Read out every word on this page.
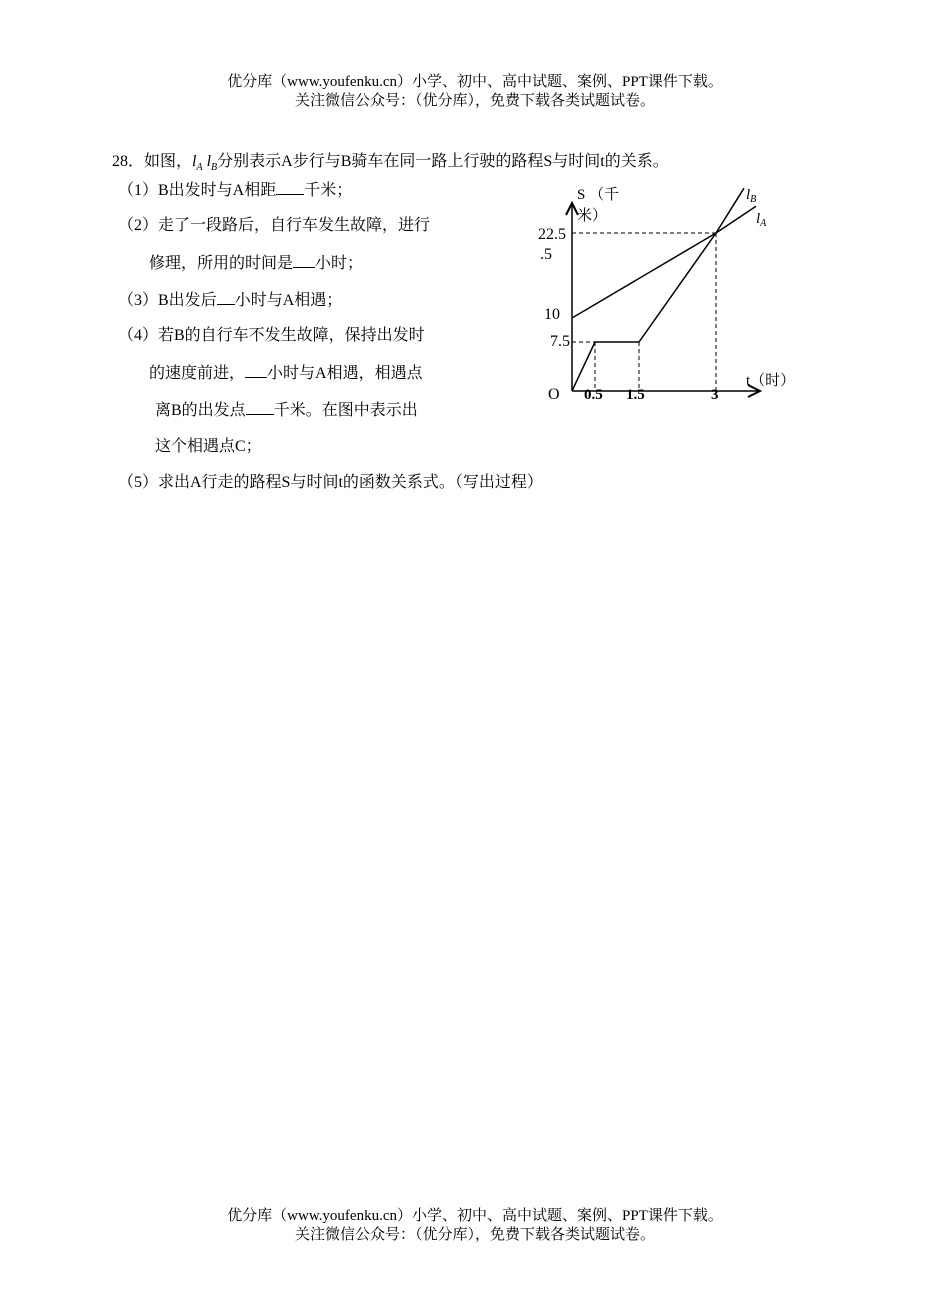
优分库（www.youfenku.cn）小学、初中、高中试题、案例、PPT课件下载。
关注微信公众号：（优分库），免费下载各类试题试卷。
28．如图，$l_A$ $l_B$分别表示A步行与B骑车在同一路上行驶的路程S与时间t的关系。
（1）B出发时与A相距 千米；
（2）走了一段路后，自行车发生故障，进行
修理，所用的时间是 小时；
（3）B出发后 小时与A相遇；
（4）若B的自行车不发生故障，保持出发时
的速度前进， 小时与A相遇，相遇点
离B的出发点 千米。在图中表示出
这个相遇点C；
（5）求出A行走的路程S与时间t的函数关系式。（写出过程）
S （千
米）
t（时）
O
22.5
.5
10
7.5
0.5 1.5	3
$l_B$
$l_A$
优分库（www.youfenku.cn）小学、初中、高中试题、案例、PPT课件下载。
关注微信公众号：（优分库），免费下载各类试题试卷。
